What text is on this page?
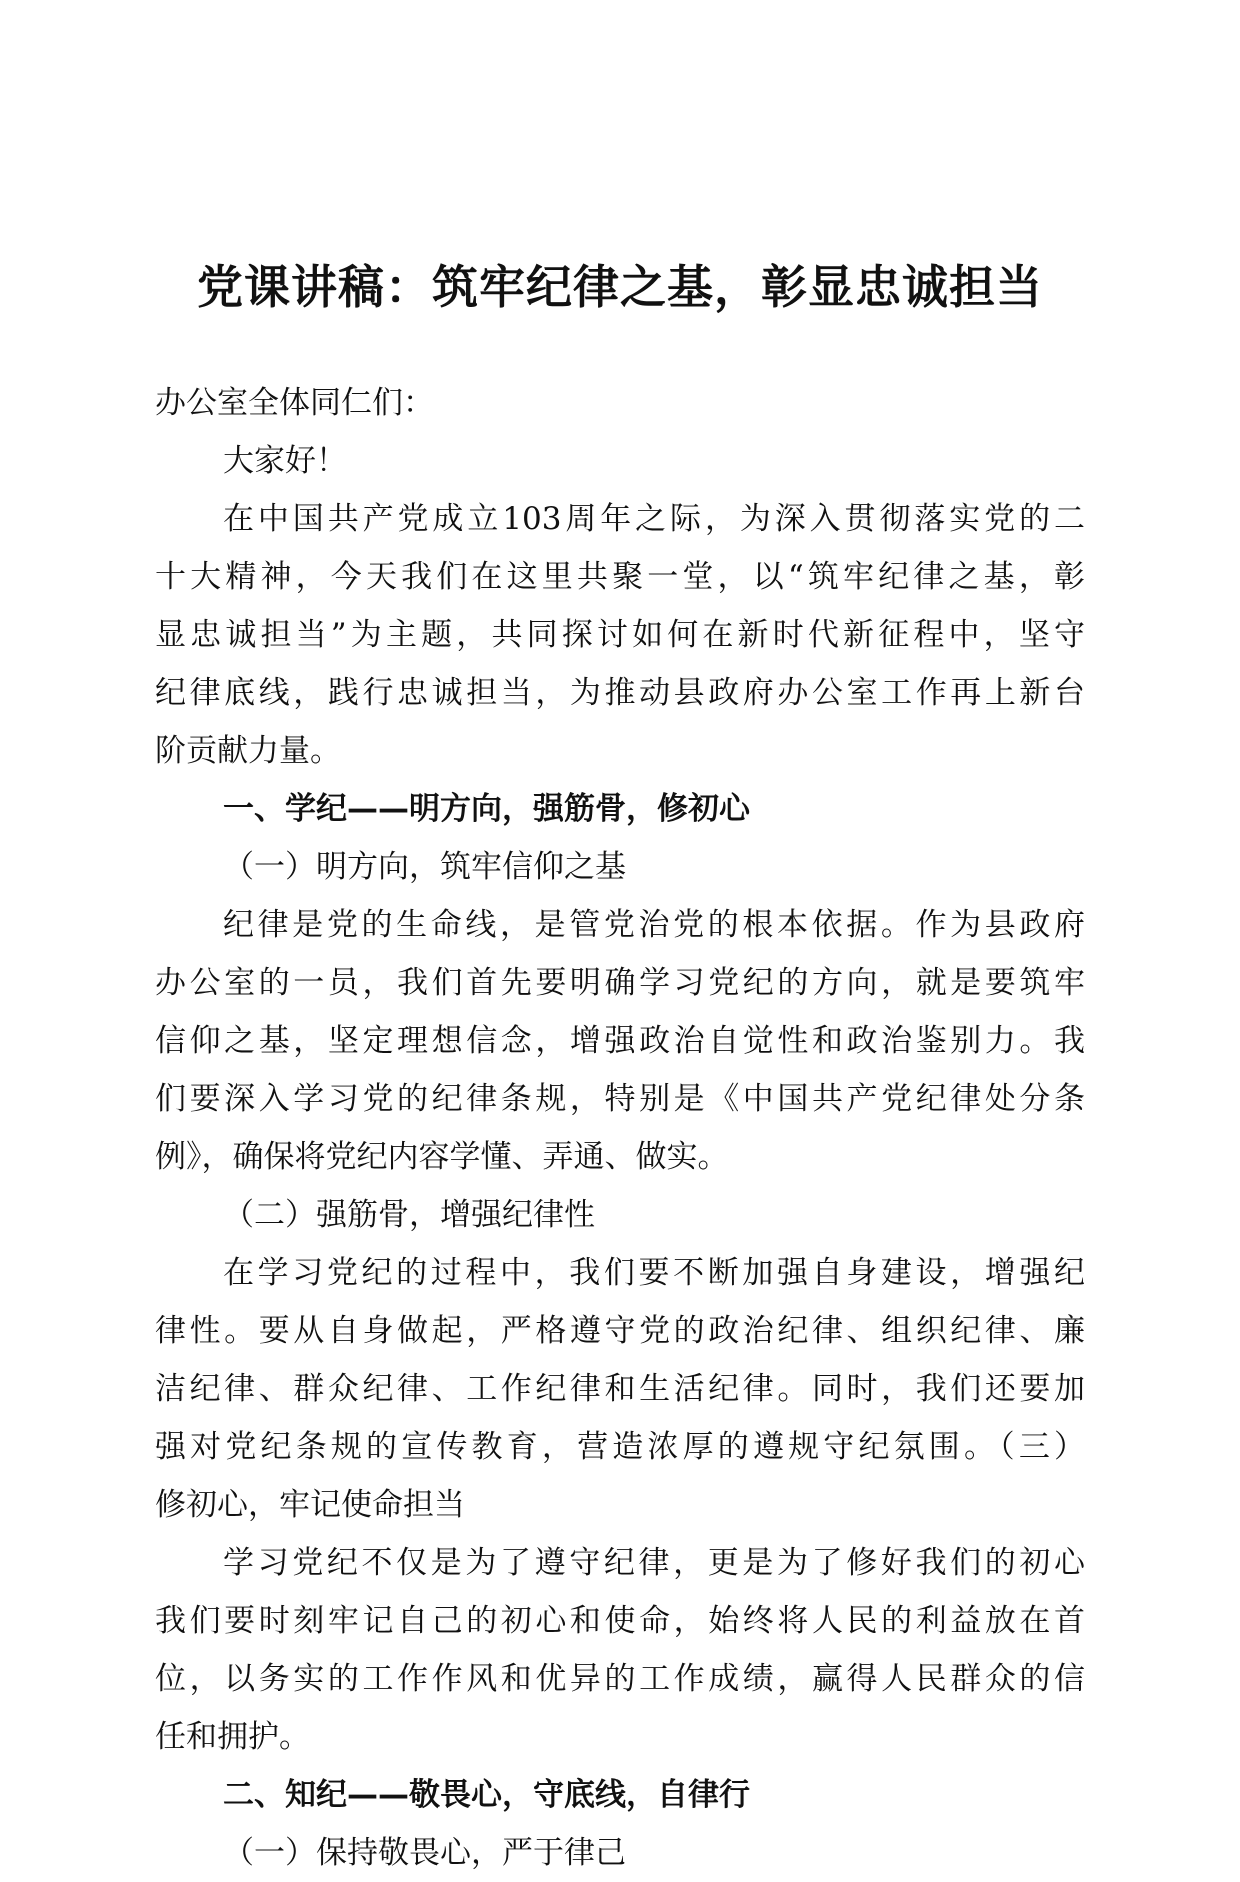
党课讲稿：筑牢纪律之基，彰显忠诚担当

办公室全体同仁们：

大家好！

在中国共产党成立103周年之际，为深入贯彻落实党的二

十大精神，今天我们在这里共聚一堂，以“筑牢纪律之基，彰

显忠诚担当”为主题，共同探讨如何在新时代新征程中，坚守

纪律底线，践行忠诚担当，为推动县政府办公室工作再上新台

阶贡献力量。

一、学纪——明方向，强筋骨，修初心

（一）明方向，筑牢信仰之基

纪律是党的生命线，是管党治党的根本依据。作为县政府

办公室的一员，我们首先要明确学习党纪的方向，就是要筑牢

信仰之基，坚定理想信念，增强政治自觉性和政治鉴别力。我

们要深入学习党的纪律条规，特别是《中国共产党纪律处分条

例》，确保将党纪内容学懂、弄通、做实。

（二）强筋骨，增强纪律性

在学习党纪的过程中，我们要不断加强自身建设，增强纪

律性。要从自身做起，严格遵守党的政治纪律、组织纪律、廉

洁纪律、群众纪律、工作纪律和生活纪律。同时，我们还要加

强对党纪条规的宣传教育，营造浓厚的遵规守纪氛围。（三）

修初心，牢记使命担当

学习党纪不仅是为了遵守纪律，更是为了修好我们的初心

我们要时刻牢记自己的初心和使命，始终将人民的利益放在首

位，以务实的工作作风和优异的工作成绩，赢得人民群众的信

任和拥护。

二、知纪——敬畏心，守底线，自律行

（一）保持敬畏心，严于律己
